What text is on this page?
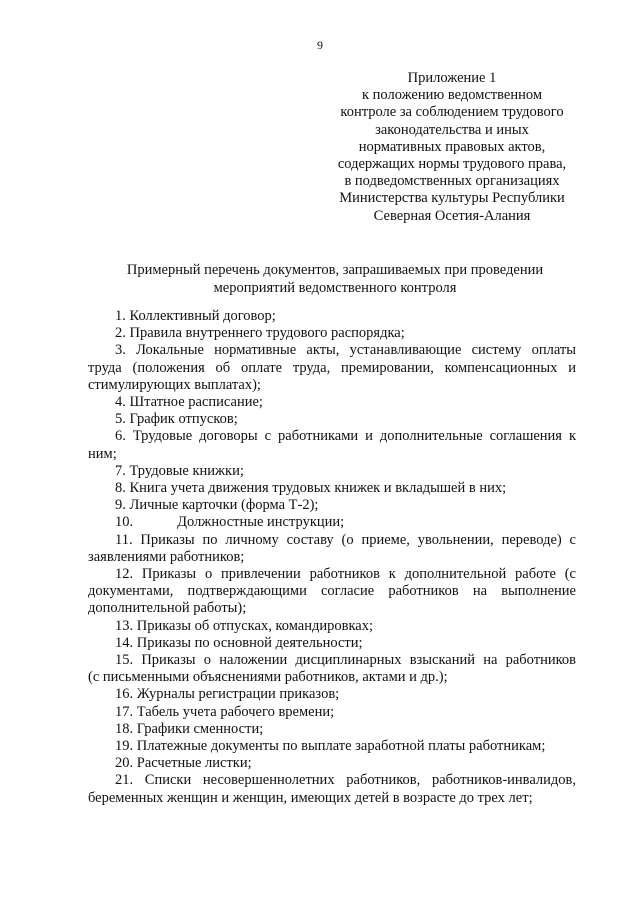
9
Приложение 1
к положению ведомственном
контроле за соблюдением трудового
законодательства и иных
нормативных правовых актов,
содержащих нормы трудового права,
в подведомственных организациях
Министерства культуры Республики
Северная Осетия-Алания
Примерный перечень документов, запрашиваемых при проведении
мероприятий ведомственного контроля
1. Коллективный договор;
2. Правила внутреннего трудового распорядка;
3. Локальные нормативные акты, устанавливающие систему оплаты
труда (положения об оплате труда, премировании, компенсационных и
стимулирующих выплатах);
4. Штатное расписание;
5. График отпусков;
6. Трудовые договоры с работниками и дополнительные соглашения к
ним;
7. Трудовые книжки;
8. Книга учета движения трудовых книжек и вкладышей в них;
9. Личные карточки (форма Т-2);
10.	Должностные инструкции;
11. Приказы по личному составу (о приеме, увольнении, переводе) с
заявлениями работников;
12. Приказы о привлечении работников к дополнительной работе (с
документами, подтверждающими согласие работников на выполнение
дополнительной работы);
13. Приказы об отпусках, командировках;
14. Приказы по основной деятельности;
15. Приказы о наложении дисциплинарных взысканий на работников
(с письменными объяснениями работников, актами и др.);
16. Журналы регистрации приказов;
17. Табель учета рабочего времени;
18. Графики сменности;
19. Платежные документы по выплате заработной платы работникам;
20. Расчетные листки;
21. Списки несовершеннолетних работников, работников-инвалидов,
беременных женщин и женщин, имеющих детей в возрасте до трех лет;
